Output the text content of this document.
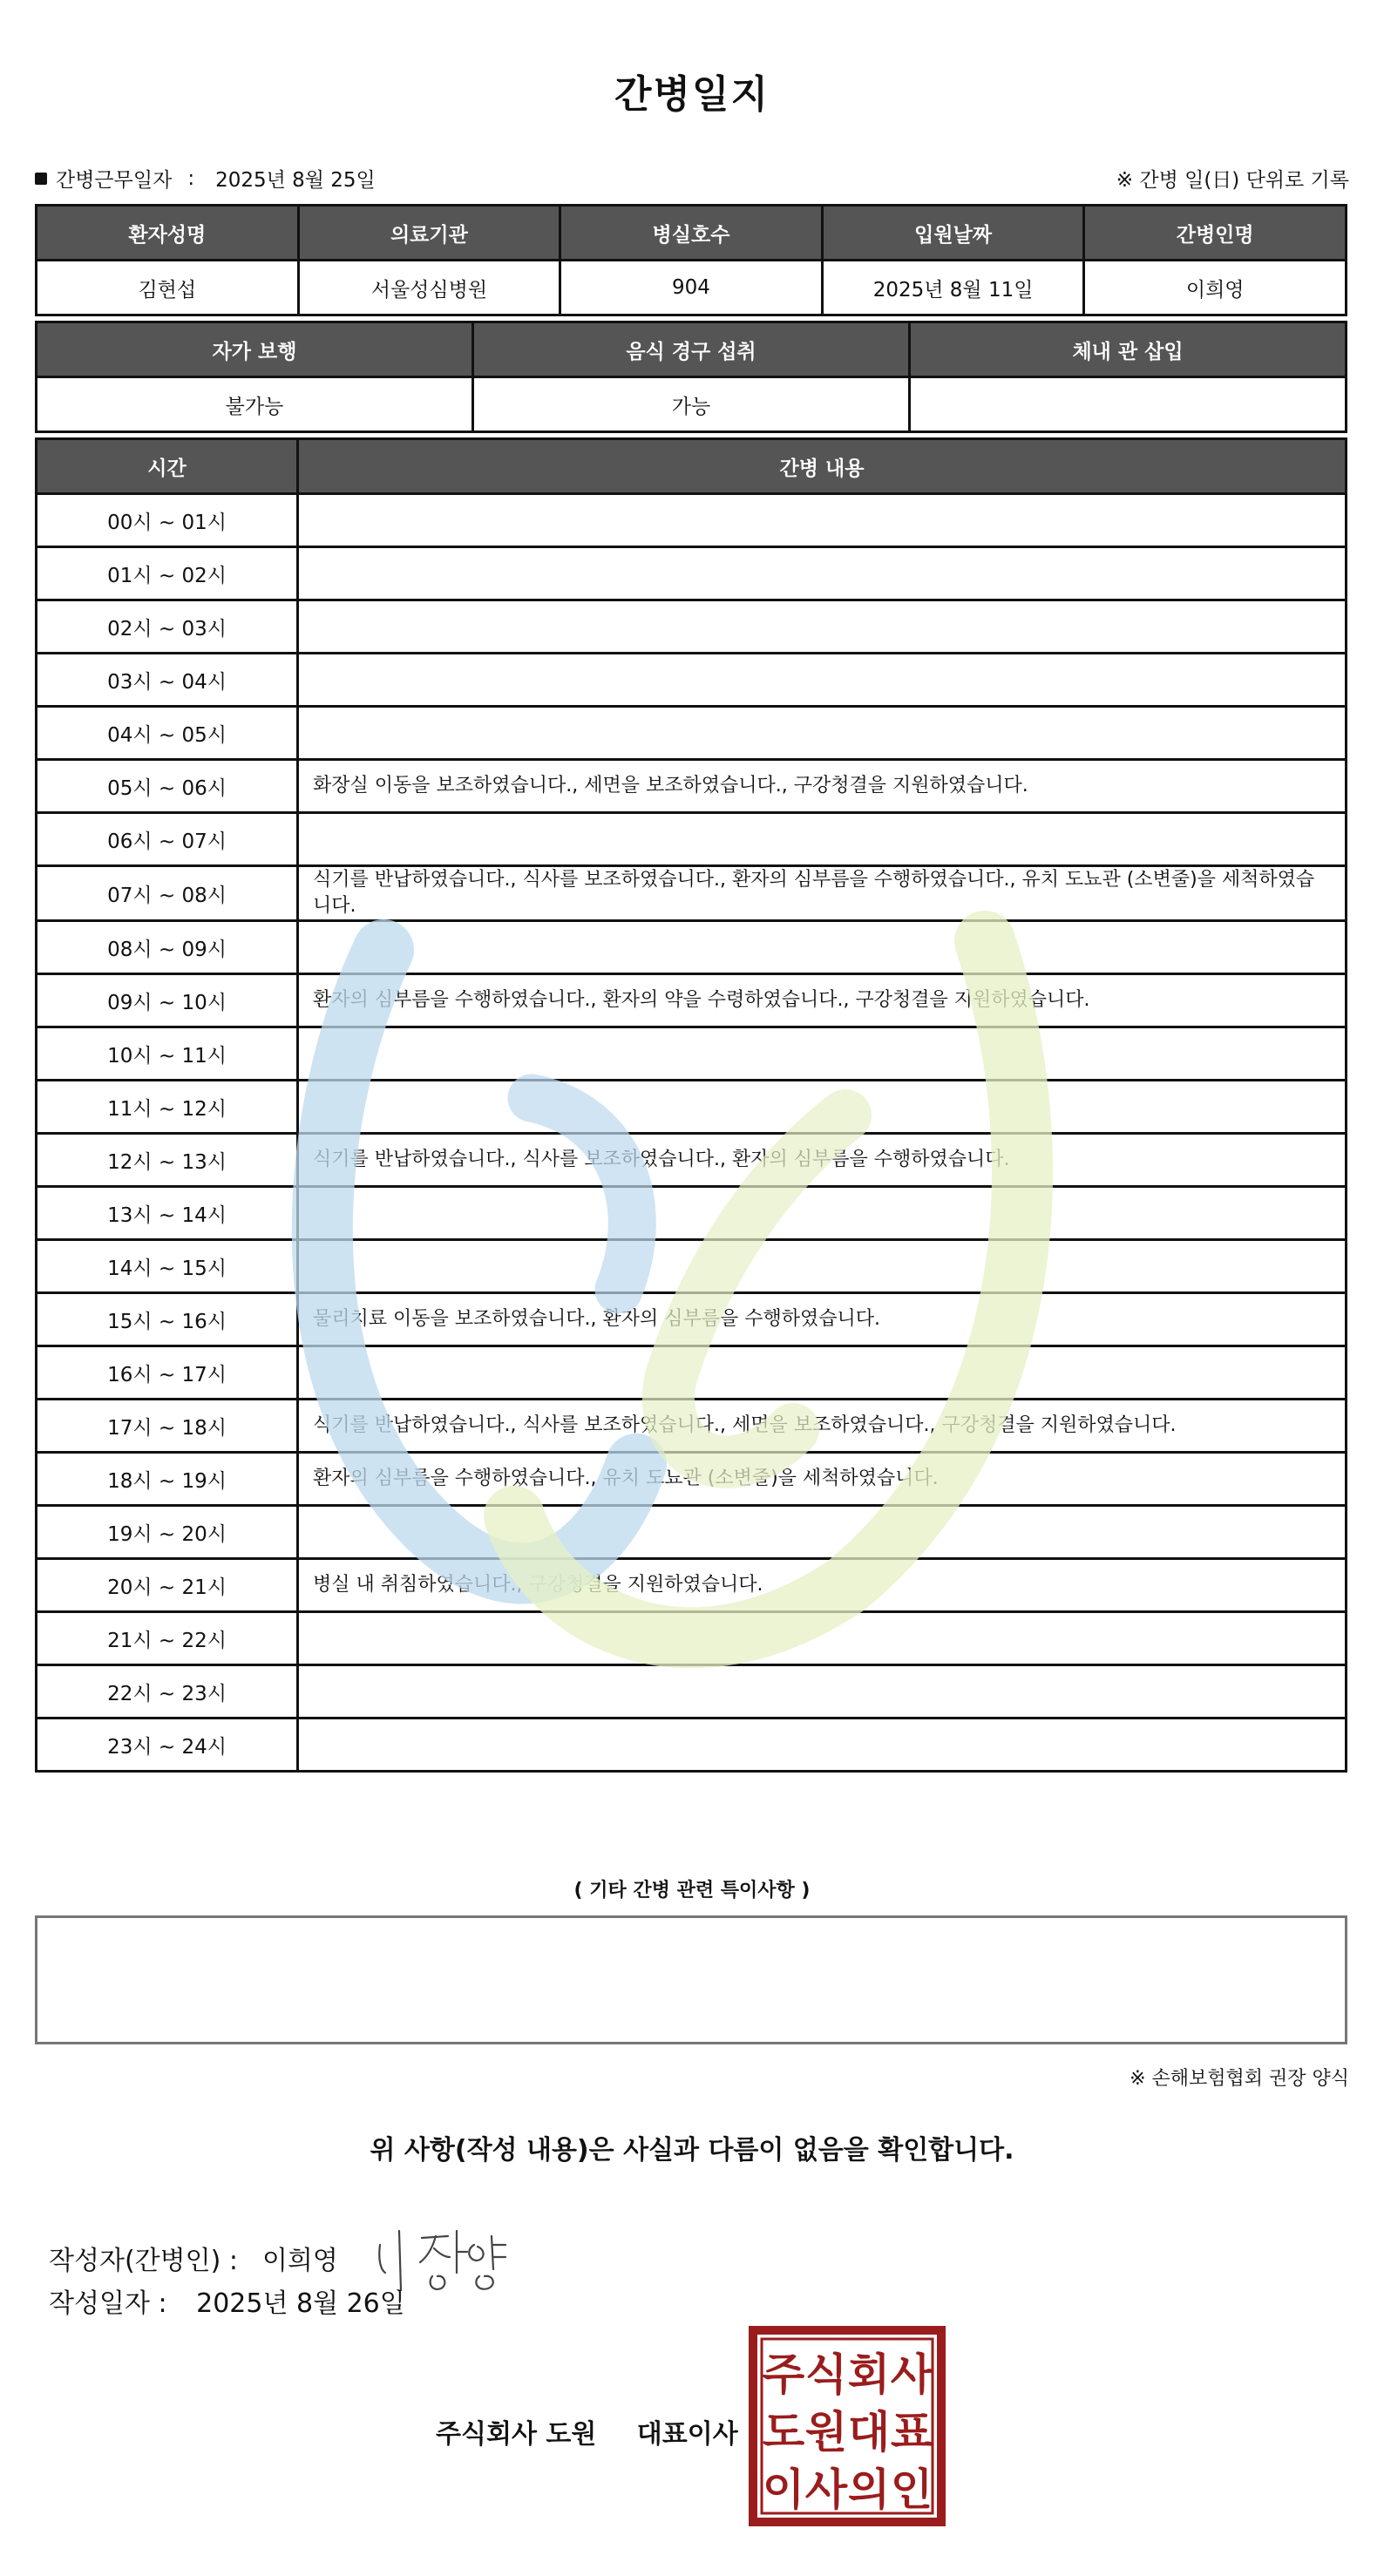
간병일지
간병근무일자 : 2025년 8월 25일	※ 간병 일(日) 단위로 기록
환자성명	의료기관	병실호수	입원날짜	간병인명
김현섭	서울성심병원	904	2025년 8월 11일	이희영
자가 보행	음식 경구 섭취	체내 관 삽입
불가능	가능	
시간	간병 내용
00시 ~ 01시	
01시 ~ 02시	
02시 ~ 03시	
03시 ~ 04시	
04시 ~ 05시	
05시 ~ 06시	화장실 이동을 보조하였습니다., 세면을 보조하였습니다., 구강청결을 지원하였습니다.
06시 ~ 07시	
07시 ~ 08시	식기를 반납하였습니다., 식사를 보조하였습니다., 환자의 심부름을 수행하였습니다., 유치 도뇨관 (소변줄)을 세척하였습니다.
08시 ~ 09시	
09시 ~ 10시	환자의 심부름을 수행하였습니다., 환자의 약을 수령하였습니다., 구강청결을 지원하였습니다.
10시 ~ 11시	
11시 ~ 12시	
12시 ~ 13시	식기를 반납하였습니다., 식사를 보조하였습니다., 환자의 심부름을 수행하였습니다.
13시 ~ 14시	
14시 ~ 15시	
15시 ~ 16시	물리치료 이동을 보조하였습니다., 환자의 심부름을 수행하였습니다.
16시 ~ 17시	
17시 ~ 18시	식기를 반납하였습니다., 식사를 보조하였습니다., 세면을 보조하였습니다., 구강청결을 지원하였습니다.
18시 ~ 19시	환자의 심부름을 수행하였습니다., 유치 도뇨관 (소변줄)을 세척하였습니다.
19시 ~ 20시	
20시 ~ 21시	병실 내 취침하였습니다., 구강청결을 지원하였습니다.
21시 ~ 22시	
22시 ~ 23시	
23시 ~ 24시	
( 기타 간병 관련 특이사항 )
※ 손해보험협회 권장 양식
위 사항(작성 내용)은 사실과 다름이 없음을 확인합니다.
작성자(간병인) : 이희영
작성일자 : 2025년 8월 26일
주식회사 도원 대표이사
주 식 회 사
도 원 대 표
이 사 의 인
